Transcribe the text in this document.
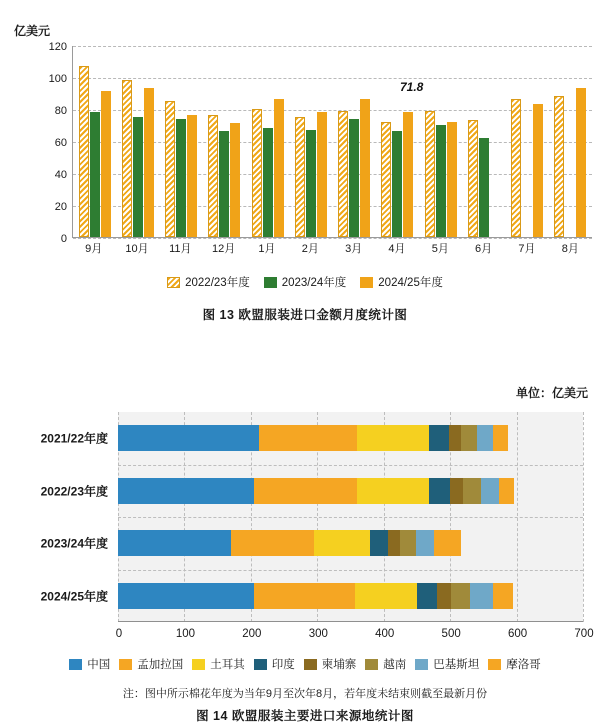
亿美元
120
100
80
60
40
20
0
9月	10月	11月	12月	1月	2月	3月	4月	5月	6月	7月	8月
2022/23年度	2023/24年度	2024/25年度
图 13 欧盟服装进口金额月度统计图
71.8
单位：亿美元
0	100	200	300	400	500	600	700
2021/22年度
2022/23年度
2023/24年度
2024/25年度
中国 孟加拉国 土耳其 印度 柬埔寨 越南 巴基斯坦 摩洛哥
注：图中所示棉花年度为当年9月至次年8月，若年度未结束则截至最新月份
图 14 欧盟服装主要进口来源地统计图
